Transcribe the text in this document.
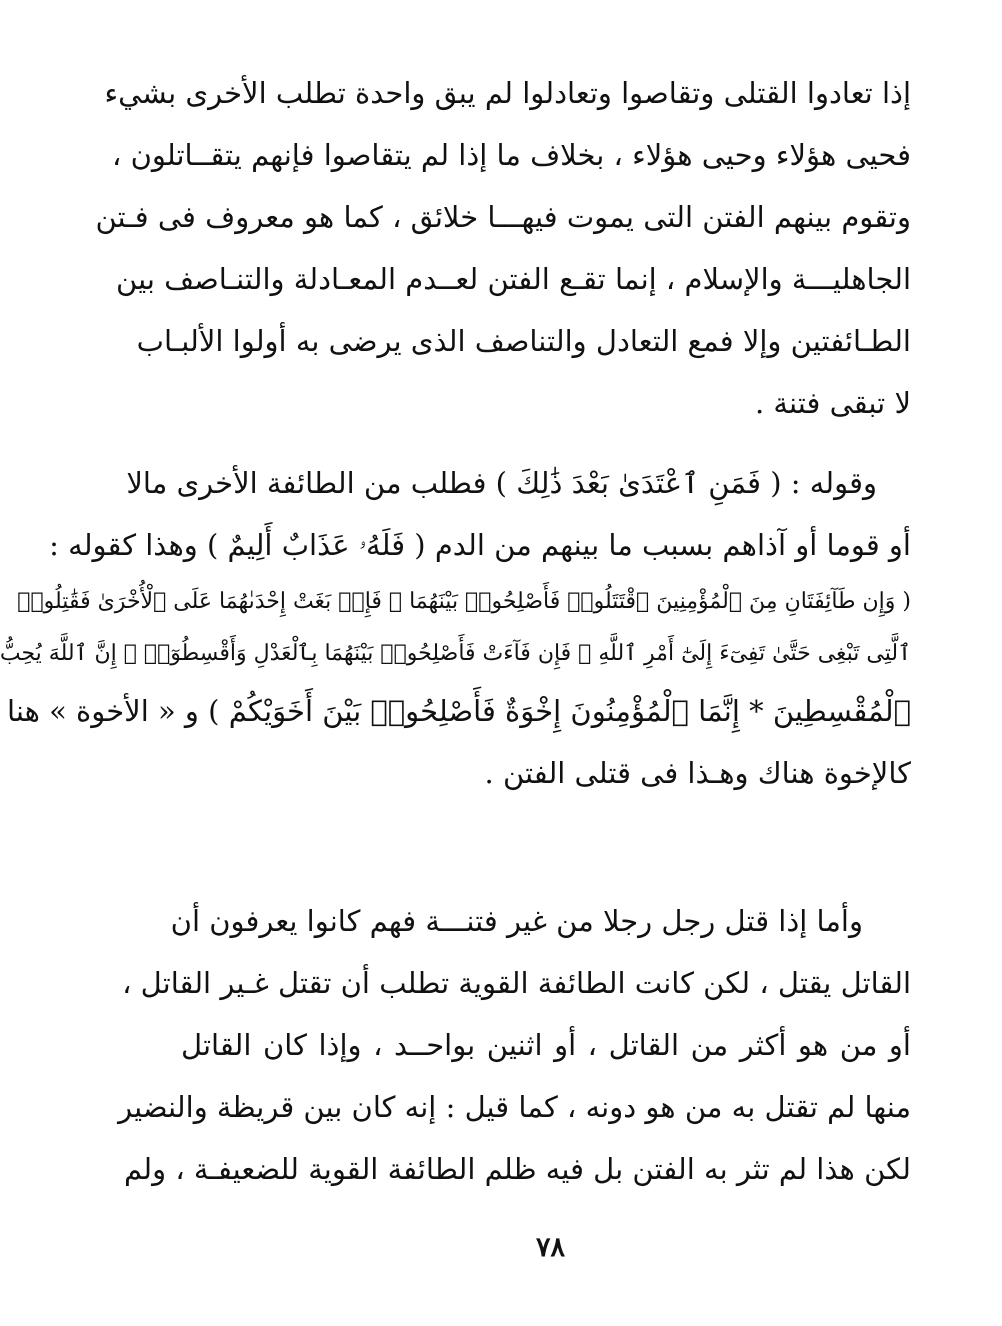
إذا تعادوا القتلى وتقاصوا وتعادلوا لم يبق واحدة تطلب الأخرى بشيء
فحيى هؤلاء وحيى هؤلاء ، بخلاف ما إذا لم يتقاصوا فإنهم يتقــاتلون ،
وتقوم بينهم الفتن التى يموت فيهـــا خلائق ، كما هو معروف فى فـتن
الجاهليـــة والإسلام ، إنما تقـع الفتن لعــدم المعـادلة والتنـاصف بين
الطـائفتين وإلا فمع التعادل والتناصف الذى يرضى به أولوا الألبـاب
لا تبقى فتنة .
وقوله : ( فَمَنِ ٱعْتَدَىٰ بَعْدَ ذَٰلِكَ ) فطلب من الطائفة الأخرى مالا
أو قوما أو آذاهم بسبب ما بينهم من الدم ( فَلَهُۥ عَذَابٌ أَلِيمٌ ) وهذا كقوله :
( وَإِن طَآئِفَتَانِ مِنَ ٱلْمُؤْمِنِينَ ٱقْتَتَلُوا۟ فَأَصْلِحُوا۟ بَيْنَهُمَا ۖ فَإِنۢ بَغَتْ إِحْدَىٰهُمَا عَلَى ٱلْأُخْرَىٰ فَقَٰتِلُوا۟
ٱلَّتِى تَبْغِى حَتَّىٰ تَفِىٓءَ إِلَىٰٓ أَمْرِ ٱللَّهِ ۚ فَإِن فَآءَتْ فَأَصْلِحُوا۟ بَيْنَهُمَا بِٱلْعَدْلِ وَأَقْسِطُوٓا۟ ۖ إِنَّ ٱللَّهَ يُحِبُّ
ٱلْمُقْسِطِينَ * إِنَّمَا ٱلْمُؤْمِنُونَ إِخْوَةٌ فَأَصْلِحُوا۟ بَيْنَ أَخَوَيْكُمْ ) و « الأخوة » هنا
كالإخوة هناك وهـذا فى قتلى الفتن .
وأما إذا قتل رجل رجلا من غير فتنـــة فهم كانوا يعرفون أن
القاتل يقتل ، لكن كانت الطائفة القوية تطلب أن تقتل غـير القاتل ،
أو من هو أكثر من القاتل ، أو اثنين بواحــد ، وإذا كان القاتل
منها لم تقتل به من هو دونه ، كما قيل : إنه كان بين قريظة والنضير
لكن هذا لم تثر به الفتن بل فيه ظلم الطائفة القوية للضعيفـة ، ولم
٧٨
